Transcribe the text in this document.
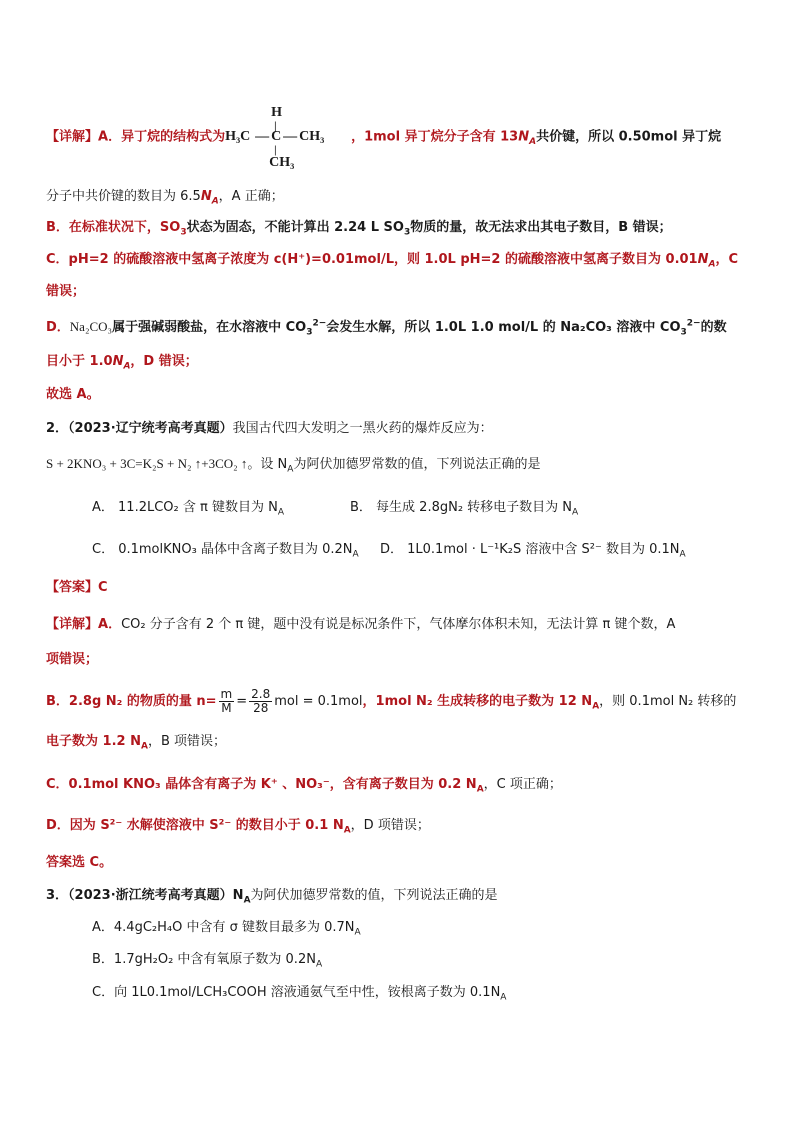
【详解】A．异丁烷的结构式为
H
|
H₃C — C — CH₃
|
CH₃
，1mol 异丁烷分子含有 $13N_A$共价键，所以 0.50mol 异丁烷
分子中共价键的数目为 $6.5N_A$，A 正确；
B．在标准状况下，$SO_3$状态为固态，不能计算出 2.24 L $SO_3$物质的量，故无法求出其电子数目，B 错误；
C．pH=2 的硫酸溶液中氢离子浓度为 c(H⁺)=0.01mol/L，则 1.0L pH=2 的硫酸溶液中氢离子数目为 $0.01N_A$，C
错误；
D．Na₂CO₃属于强碱弱酸盐，在水溶液中 $CO_3^{2-}$会发生水解，所以 1.0L 1.0 mol/L 的 Na₂CO₃ 溶液中 $CO_3^{2-}$的数
目小于 $1.0N_A$，D 错误；
故选 A。
2．（2023·辽宁统考高考真题）我国古代四大发明之一黑火药的爆炸反应为：
S + 2KNO₃ + 3C=K₂S + N₂ ↑+3CO₂ ↑。设 $N_A$为阿伏加德罗常数的值，下列说法正确的是
A． 11.2LCO₂ 含 π 键数目为 $N_A$	B． 每生成 2.8gN₂ 转移电子数目为 $N_A$
C． 0.1molKNO₃ 晶体中含离子数目为 $0.2N_A$ D． 1L0.1mol · L⁻¹K₂S 溶液中含 S²⁻ 数目为 $0.1N_A$
【答案】C
【详解】A．CO₂ 分子含有 2 个 π 键，题中没有说是标况条件下，气体摩尔体积未知，无法计算 π 键个数，A
项错误；
B．2.8g N₂ 的物质的量 $n= \frac{m}{M} = \frac{2.8}{28}$ mol = 0.1mol，1mol N₂ 生成转移的电子数为 12 $N_A$，则 0.1mol N₂ 转移的
电子数为 1.2 $N_A$，B 项错误；
C．0.1mol KNO₃ 晶体含有离子为 K⁺ 、NO₃⁻，含有离子数目为 0.2 $N_A$，C 项正确；
D．因为 S²⁻ 水解使溶液中 S²⁻ 的数目小于 0.1 $N_A$，D 项错误；
答案选 C。
3．（2023·浙江统考高考真题）$N_A$为阿伏加德罗常数的值，下列说法正确的是
A．4.4gC₂H₄O 中含有 σ 键数目最多为 $0.7N_A$
B．1.7gH₂O₂ 中含有氧原子数为 $0.2N_A$
C．向 1L0.1mol/LCH₃COOH 溶液通氨气至中性，铵根离子数为 $0.1N_A$
